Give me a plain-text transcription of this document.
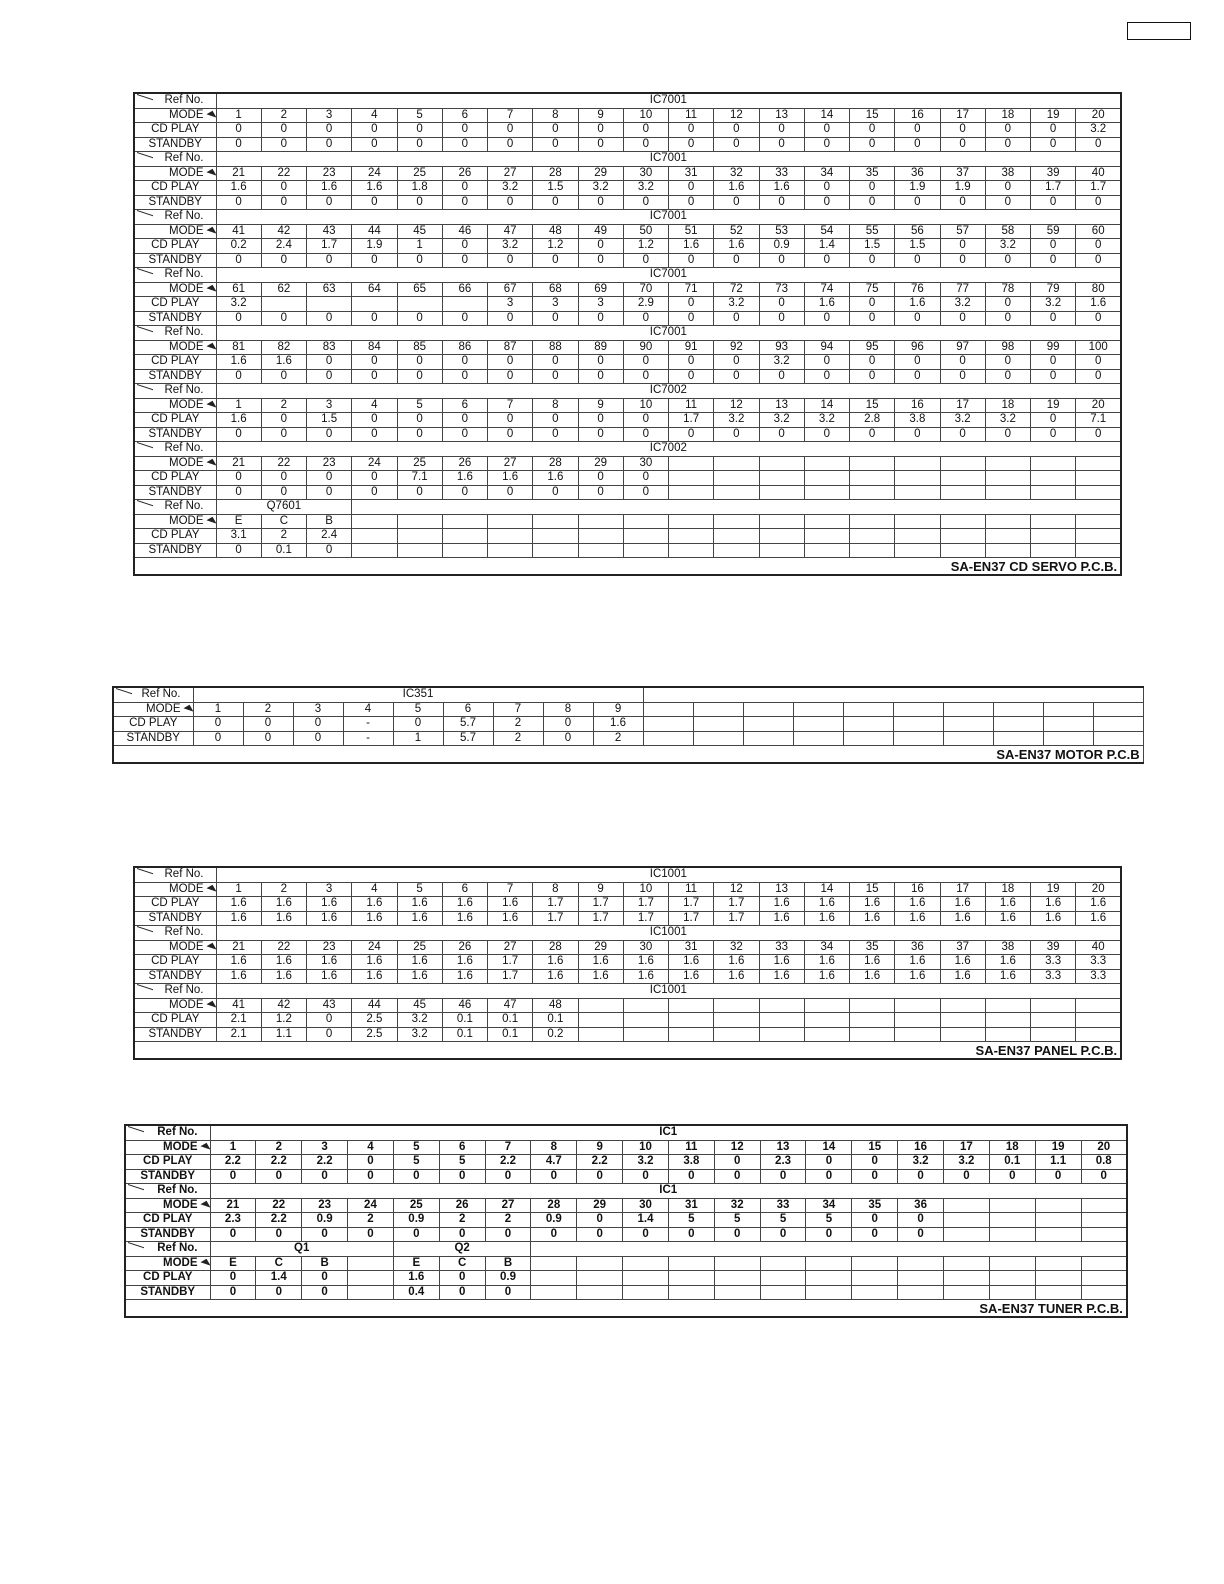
Ref No.	IC7001																			
MODE	1	2	3	4	5	6	7	8	9	10	11	12	13	14	15	16	17	18	19	20
CD PLAY	0	0	0	0	0	0	0	0	0	0	0	0	0	0	0	0	0	0	0	3.2
STANDBY	0	0	0	0	0	0	0	0	0	0	0	0	0	0	0	0	0	0	0	0
Ref No.	IC7001																			
MODE	21	22	23	24	25	26	27	28	29	30	31	32	33	34	35	36	37	38	39	40
CD PLAY	1.6	0	1.6	1.6	1.8	0	3.2	1.5	3.2	3.2	0	1.6	1.6	0	0	1.9	1.9	0	1.7	1.7
STANDBY	0	0	0	0	0	0	0	0	0	0	0	0	0	0	0	0	0	0	0	0
Ref No.	IC7001																			
MODE	41	42	43	44	45	46	47	48	49	50	51	52	53	54	55	56	57	58	59	60
CD PLAY	0.2	2.4	1.7	1.9	1	0	3.2	1.2	0	1.2	1.6	1.6	0.9	1.4	1.5	1.5	0	3.2	0	0
STANDBY	0	0	0	0	0	0	0	0	0	0	0	0	0	0	0	0	0	0	0	0
Ref No.	IC7001																			
MODE	61	62	63	64	65	66	67	68	69	70	71	72	73	74	75	76	77	78	79	80
CD PLAY	3.2						3	3	3	2.9	0	3.2	0	1.6	0	1.6	3.2	0	3.2	1.6
STANDBY	0	0	0	0	0	0	0	0	0	0	0	0	0	0	0	0	0	0	0	0
Ref No.	IC7001																			
MODE	81	82	83	84	85	86	87	88	89	90	91	92	93	94	95	96	97	98	99	100
CD PLAY	1.6	1.6	0	0	0	0	0	0	0	0	0	0	3.2	0	0	0	0	0	0	0
STANDBY	0	0	0	0	0	0	0	0	0	0	0	0	0	0	0	0	0	0	0	0
Ref No.	IC7002																			
MODE	1	2	3	4	5	6	7	8	9	10	11	12	13	14	15	16	17	18	19	20
CD PLAY	1.6	0	1.5	0	0	0	0	0	0	0	1.7	3.2	3.2	3.2	2.8	3.8	3.2	3.2	0	7.1
STANDBY	0	0	0	0	0	0	0	0	0	0	0	0	0	0	0	0	0	0	0	0
Ref No.	IC7002																			
MODE	21	22	23	24	25	26	27	28	29	30										
CD PLAY	0	0	0	0	7.1	1.6	1.6	1.6	0	0										
STANDBY	0	0	0	0	0	0	0	0	0	0										
Ref No.	Q7601																			
MODE	E	C	B																	
CD PLAY	3.1	2	2.4																	
STANDBY	0	0.1	0																	
SA-EN37 CD SERVO P.C.B.																				
Ref No.	IC351																		
MODE	1	2	3	4	5	6	7	8	9										
CD PLAY	0	0	0	-	0	5.7	2	0	1.6										
STANDBY	0	0	0	-	1	5.7	2	0	2										
SA-EN37 MOTOR P.C.B																			
Ref No.	IC1001																			
MODE	1	2	3	4	5	6	7	8	9	10	11	12	13	14	15	16	17	18	19	20
CD PLAY	1.6	1.6	1.6	1.6	1.6	1.6	1.6	1.7	1.7	1.7	1.7	1.7	1.6	1.6	1.6	1.6	1.6	1.6	1.6	1.6
STANDBY	1.6	1.6	1.6	1.6	1.6	1.6	1.6	1.7	1.7	1.7	1.7	1.7	1.6	1.6	1.6	1.6	1.6	1.6	1.6	1.6
Ref No.	IC1001																			
MODE	21	22	23	24	25	26	27	28	29	30	31	32	33	34	35	36	37	38	39	40
CD PLAY	1.6	1.6	1.6	1.6	1.6	1.6	1.7	1.6	1.6	1.6	1.6	1.6	1.6	1.6	1.6	1.6	1.6	1.6	3.3	3.3
STANDBY	1.6	1.6	1.6	1.6	1.6	1.6	1.7	1.6	1.6	1.6	1.6	1.6	1.6	1.6	1.6	1.6	1.6	1.6	3.3	3.3
Ref No.	IC1001																			
MODE	41	42	43	44	45	46	47	48												
CD PLAY	2.1	1.2	0	2.5	3.2	0.1	0.1	0.1												
STANDBY	2.1	1.1	0	2.5	3.2	0.1	0.1	0.2												
SA-EN37 PANEL P.C.B.																				
Ref No.	IC1																			
MODE	1	2	3	4	5	6	7	8	9	10	11	12	13	14	15	16	17	18	19	20
CD PLAY	2.2	2.2	2.2	0	5	5	2.2	4.7	2.2	3.2	3.8	0	2.3	0	0	3.2	3.2	0.1	1.1	0.8
STANDBY	0	0	0	0	0	0	0	0	0	0	0	0	0	0	0	0	0	0	0	0
Ref No.	IC1																			
MODE	21	22	23	24	25	26	27	28	29	30	31	32	33	34	35	36				
CD PLAY	2.3	2.2	0.9	2	0.9	2	2	0.9	0	1.4	5	5	5	5	0	0				
STANDBY	0	0	0	0	0	0	0	0	0	0	0	0	0	0	0	0				
Ref No.	Q1				Q2															
MODE	E	C	B		E	C	B													
CD PLAY	0	1.4	0		1.6	0	0.9													
STANDBY	0	0	0		0.4	0	0													
SA-EN37 TUNER P.C.B.																				
